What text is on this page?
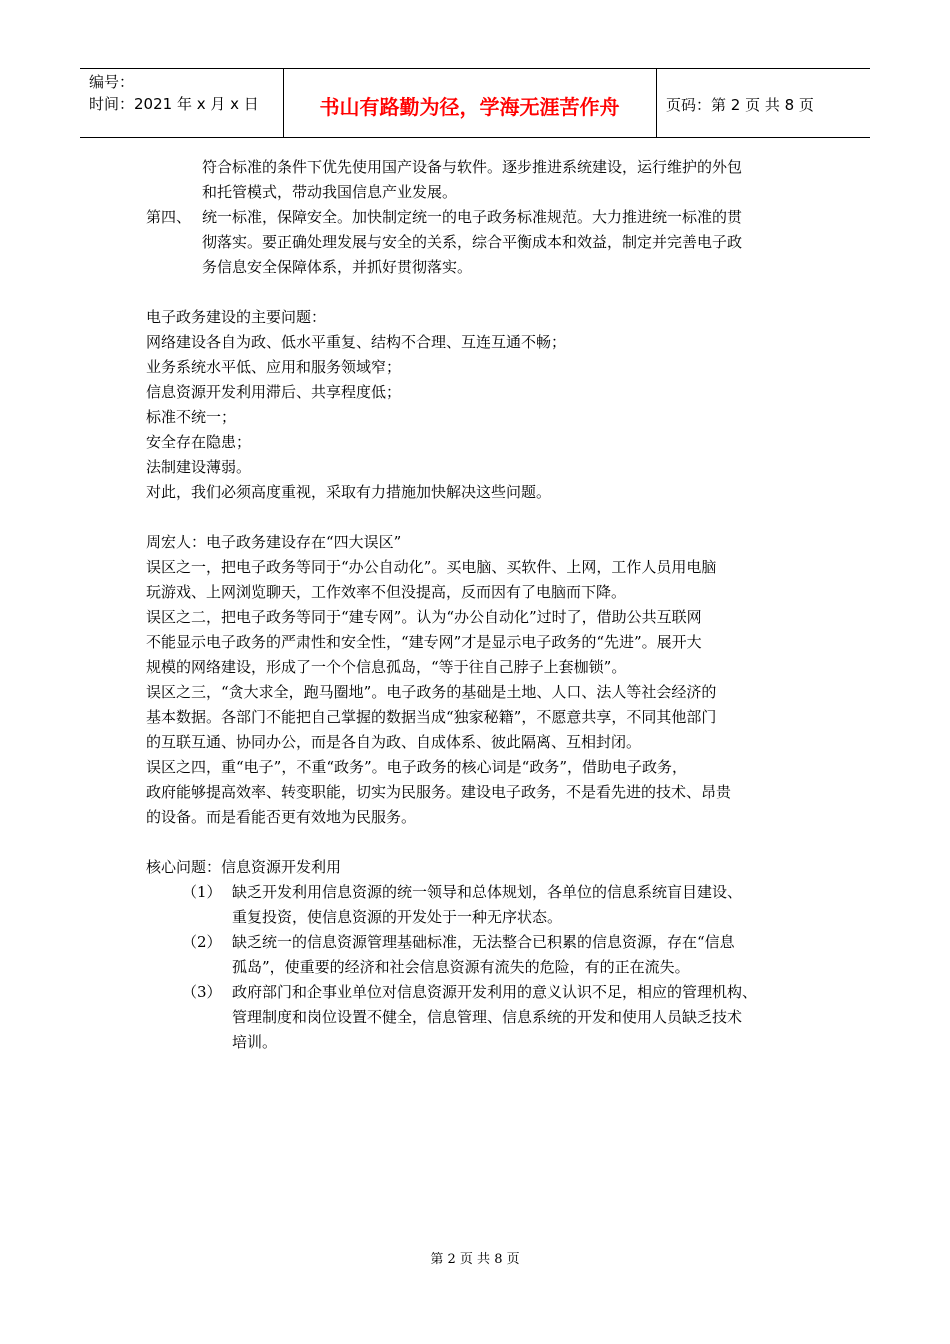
编号：
时间：2021 年 x 月 x 日	书山有路勤为径，学海无涯苦作舟	页码：第 2 页 共 8 页

符合标准的条件下优先使用国产设备与软件。逐步推进系统建设，运行维护的外包

和托管模式，带动我国信息产业发展。

第四、 统一标准，保障安全。加快制定统一的电子政务标准规范。大力推进统一标准的贯

彻落实。要正确处理发展与安全的关系，综合平衡成本和效益，制定并完善电子政

务信息安全保障体系，并抓好贯彻落实。

电子政务建设的主要问题：

网络建设各自为政、低水平重复、结构不合理、互连互通不畅；

业务系统水平低、应用和服务领域窄；

信息资源开发利用滞后、共享程度低；

标准不统一；

安全存在隐患；

法制建设薄弱。

对此，我们必须高度重视，采取有力措施加快解决这些问题。

周宏人：电子政务建设存在“四大误区”

误区之一，把电子政务等同于“办公自动化”。买电脑、买软件、上网，工作人员用电脑

玩游戏、上网浏览聊天，工作效率不但没提高，反而因有了电脑而下降。

误区之二，把电子政务等同于“建专网”。认为“办公自动化”过时了，借助公共互联网

不能显示电子政务的严肃性和安全性，“建专网”才是显示电子政务的“先进”。展开大

规模的网络建设，形成了一个个信息孤岛，“等于往自己脖子上套枷锁”。

误区之三，“贪大求全，跑马圈地”。电子政务的基础是土地、人口、法人等社会经济的

基本数据。各部门不能把自己掌握的数据当成“独家秘籍”，不愿意共享，不同其他部门

的互联互通、协同办公，而是各自为政、自成体系、彼此隔离、互相封闭。

误区之四，重“电子”，不重“政务”。电子政务的核心词是“政务”，借助电子政务，

政府能够提高效率、转变职能，切实为民服务。建设电子政务，不是看先进的技术、昂贵

的设备。而是看能否更有效地为民服务。

核心问题：信息资源开发利用

（1） 缺乏开发利用信息资源的统一领导和总体规划，各单位的信息系统盲目建设、

重复投资，使信息资源的开发处于一种无序状态。

（2） 缺乏统一的信息资源管理基础标准，无法整合已积累的信息资源，存在“信息

孤岛”，使重要的经济和社会信息资源有流失的危险，有的正在流失。

（3） 政府部门和企事业单位对信息资源开发利用的意义认识不足，相应的管理机构、

管理制度和岗位设置不健全，信息管理、信息系统的开发和使用人员缺乏技术

培训。

第 2 页 共 8 页
